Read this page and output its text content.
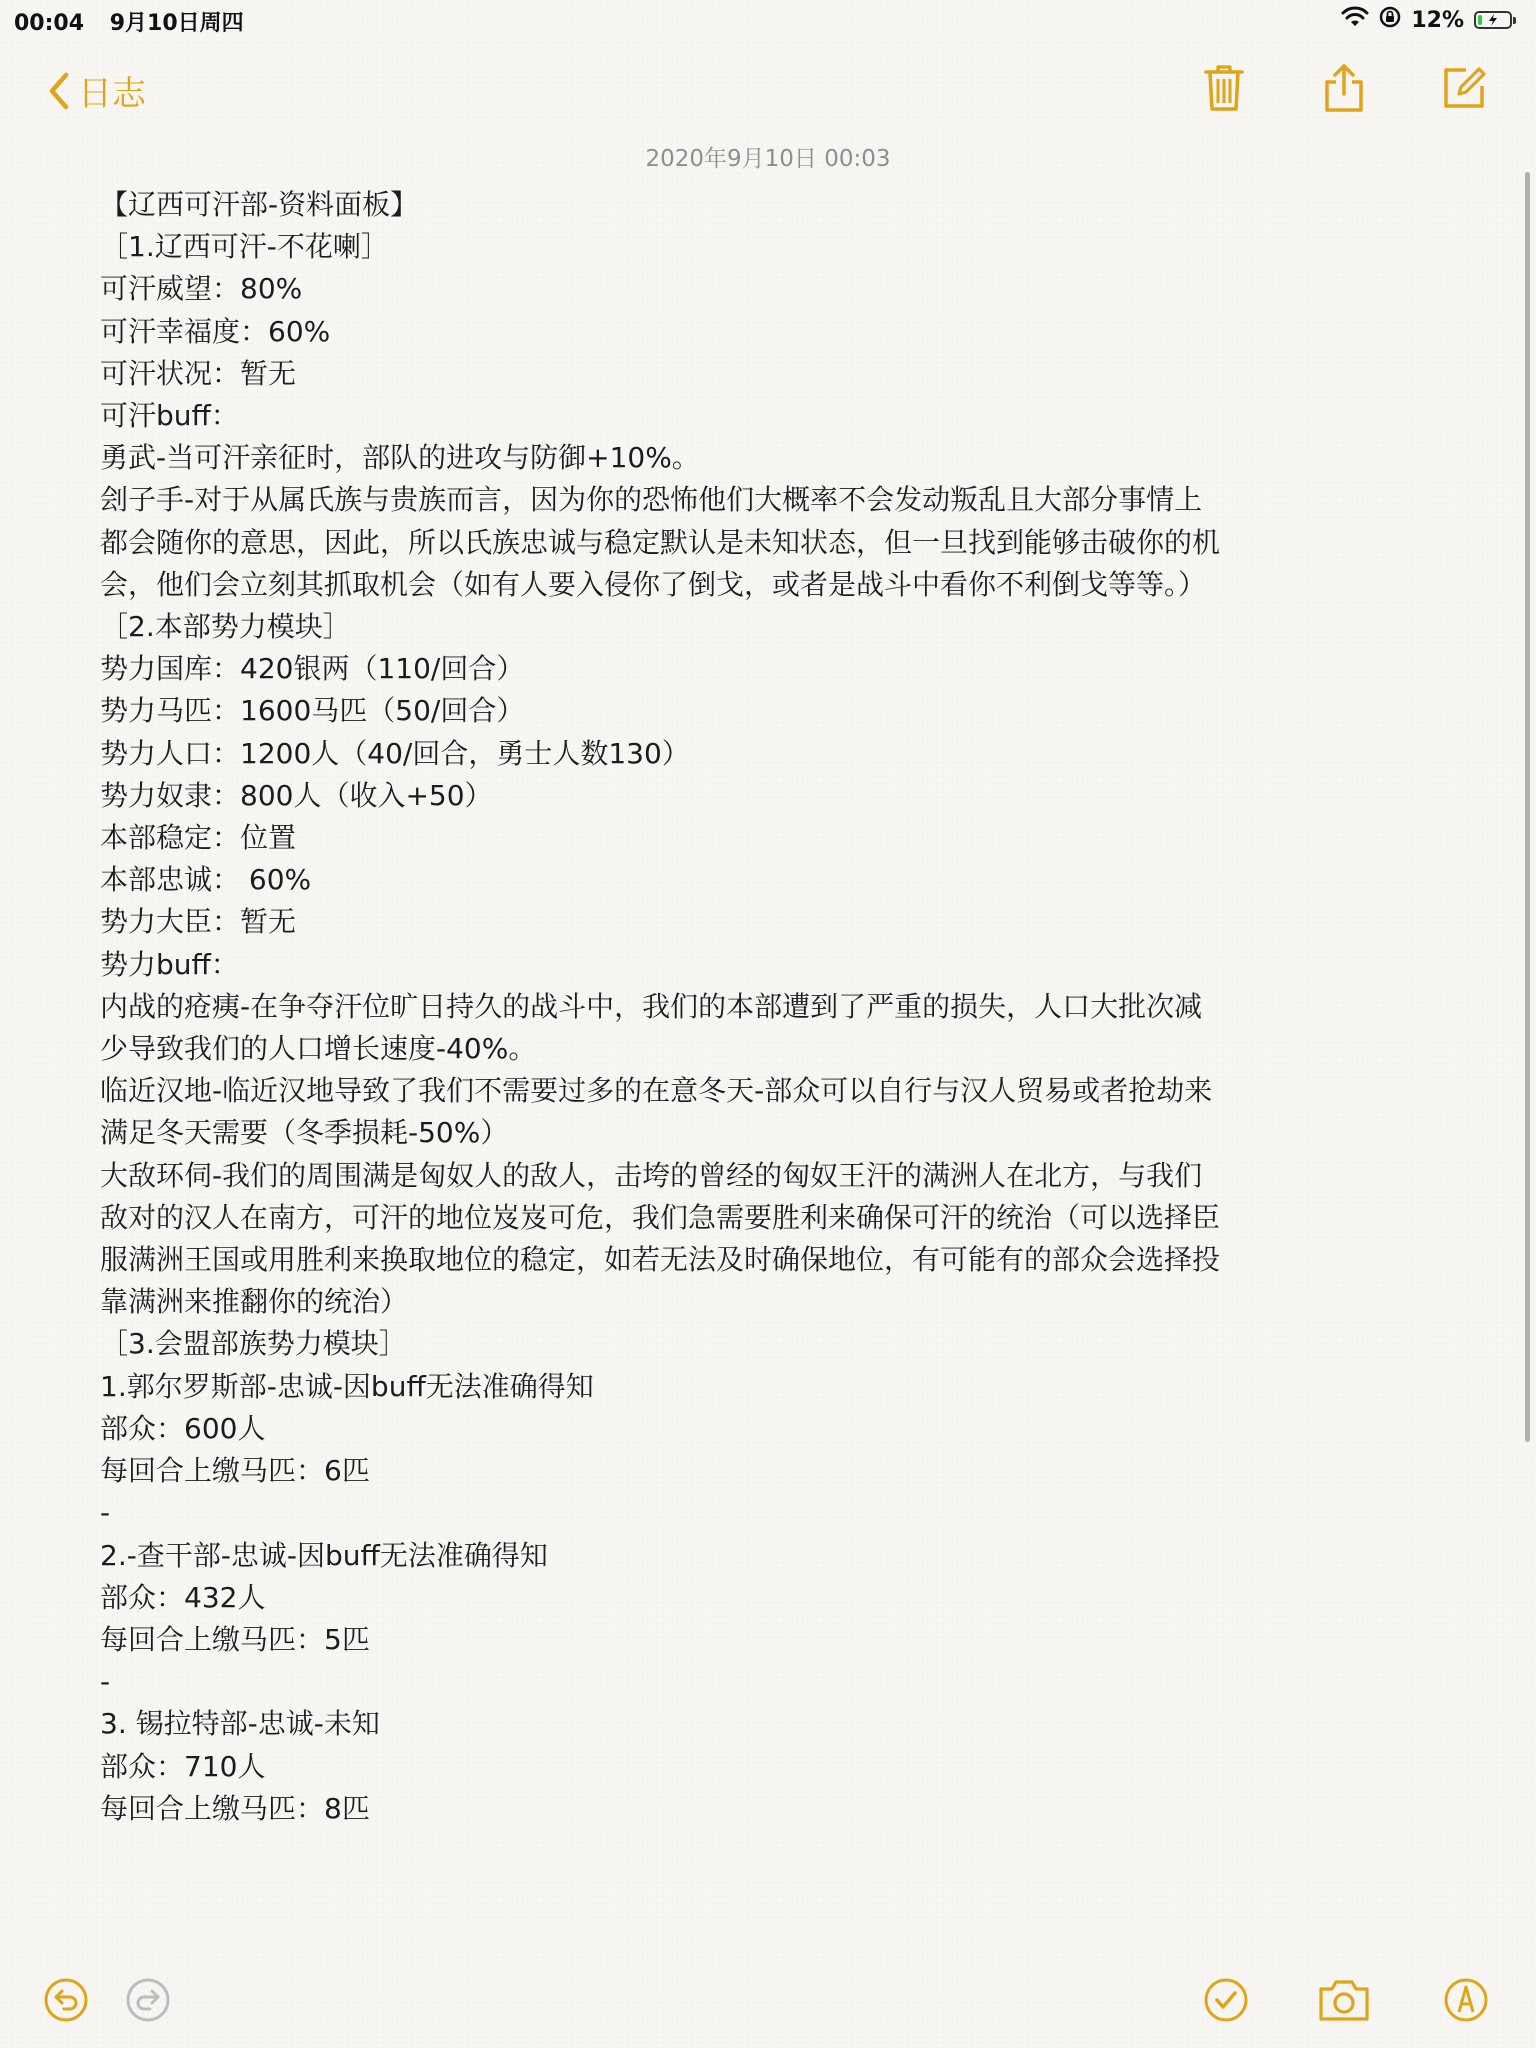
00:04 9月10日周四	12%
日志
2020年9月10日 00:03
【辽西可汗部-资料面板】
［1.辽西可汗-不花喇］
可汗威望：80%
可汗幸福度：60%
可汗状况：暂无
可汗buff：
勇武-当可汗亲征时，部队的进攻与防御+10%。
刽子手-对于从属氏族与贵族而言，因为你的恐怖他们大概率不会发动叛乱且大部分事情上都会随你的意思，因此，所以氏族忠诚与稳定默认是未知状态，但一旦找到能够击破你的机会，他们会立刻其抓取机会（如有人要入侵你了倒戈，或者是战斗中看你不利倒戈等等。）
［2.本部势力模块］
势力国库：420银两（110/回合）
势力马匹：1600马匹（50/回合）
势力人口：1200人（40/回合，勇士人数130）
势力奴隶：800人（收入+50）
本部稳定：位置
本部忠诚： 60%
势力大臣：暂无
势力buff：
内战的疮痍-在争夺汗位旷日持久的战斗中，我们的本部遭到了严重的损失，人口大批次减少导致我们的人口增长速度-40%。
临近汉地-临近汉地导致了我们不需要过多的在意冬天-部众可以自行与汉人贸易或者抢劫来满足冬天需要（冬季损耗-50%）
大敌环伺-我们的周围满是匈奴人的敌人，击垮的曾经的匈奴王汗的满洲人在北方，与我们敌对的汉人在南方，可汗的地位岌岌可危，我们急需要胜利来确保可汗的统治（可以选择臣服满洲王国或用胜利来换取地位的稳定，如若无法及时确保地位，有可能有的部众会选择投靠满洲来推翻你的统治）
［3.会盟部族势力模块］
1.郭尔罗斯部-忠诚-因buff无法准确得知
部众：600人
每回合上缴马匹：6匹
-
2.-查干部-忠诚-因buff无法准确得知
部众：432人
每回合上缴马匹：5匹
-
3. 锡拉特部-忠诚-未知
部众：710人
每回合上缴马匹：8匹
